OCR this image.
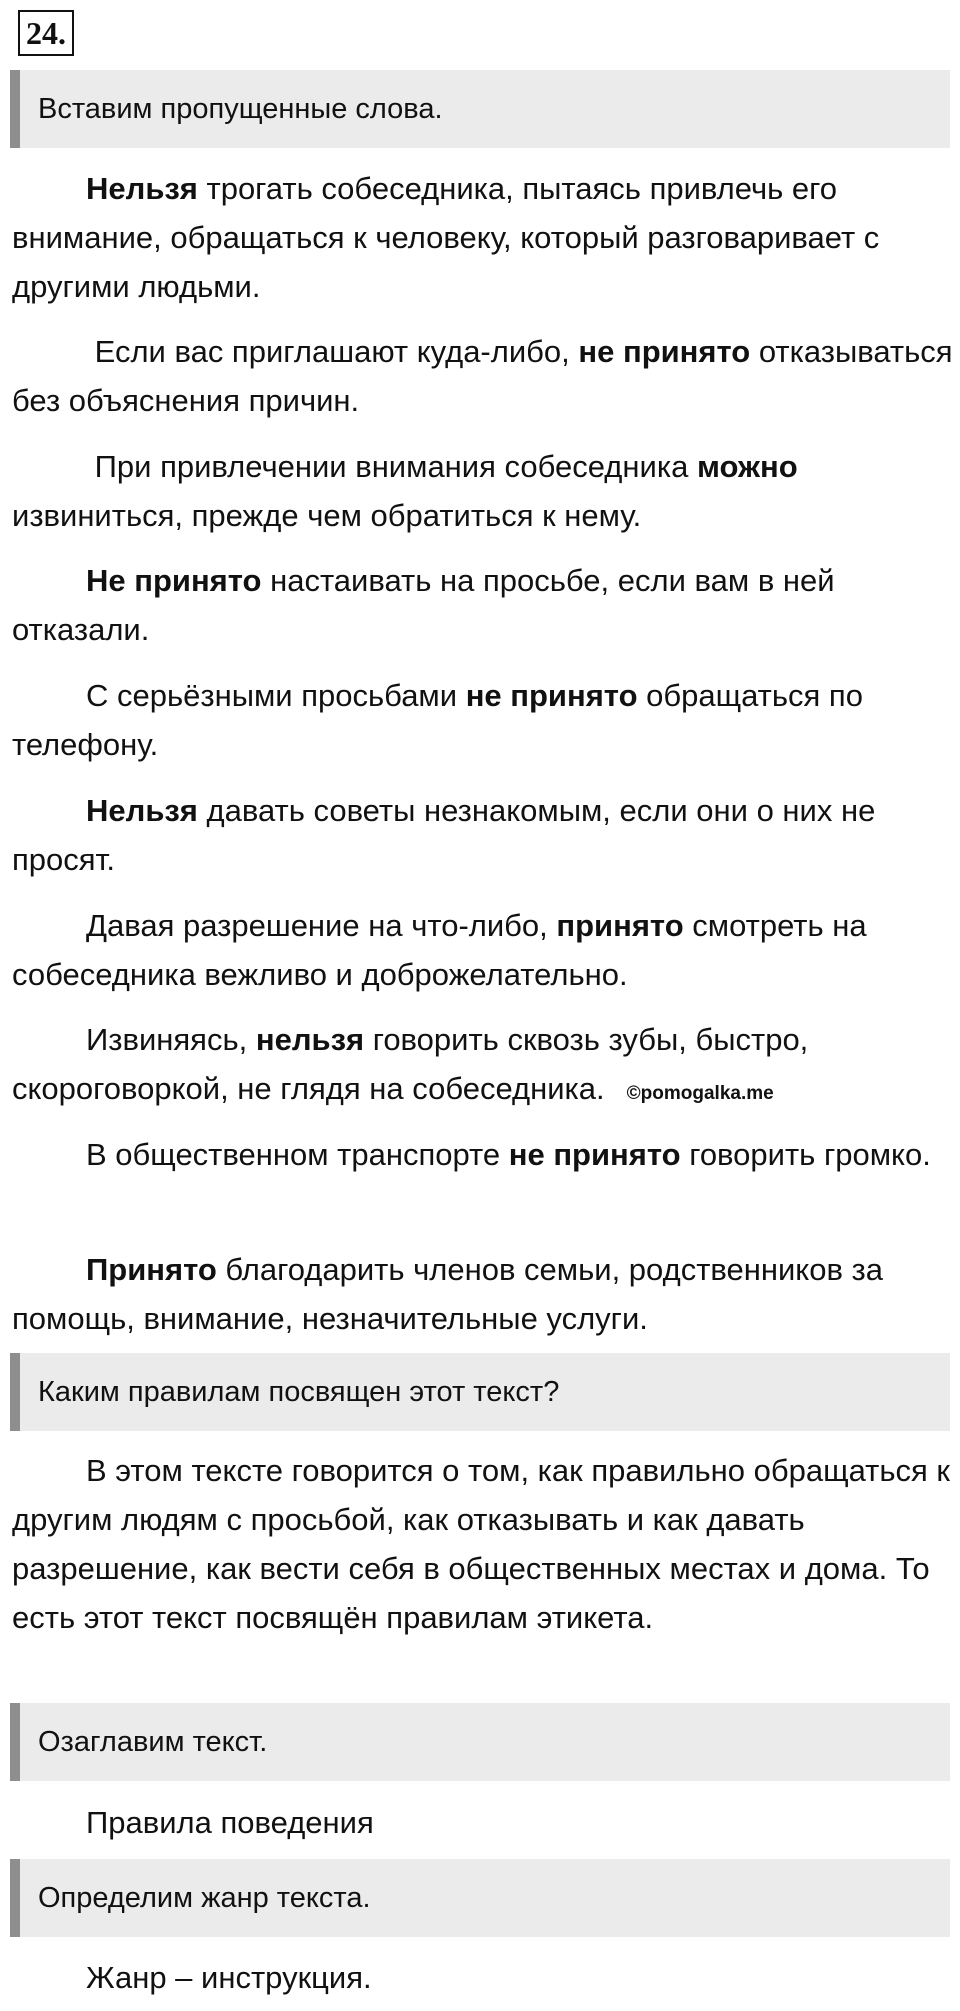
24.
Вставим пропущенные слова.

Нельзя трогать собеседника, пытаясь привлечь его внимание, обращаться к человеку, который разговаривает с другими людьми.

Если вас приглашают куда-либо, не принято отказываться без объяснения причин.

При привлечении внимания собеседника можно извиниться, прежде чем обратиться к нему.

Не принято настаивать на просьбе, если вам в ней отказали.

С серьёзными просьбами не принято обращаться по телефону.

Нельзя давать советы незнакомым, если они о них не просят.

Давая разрешение на что-либо, принято смотреть на собеседника вежливо и доброжелательно.

Извиняясь, нельзя говорить сквозь зубы, быстро, скороговоркой, не глядя на собеседника. ©pomogalka.me

В общественном транспорте не принято говорить громко.

Принято благодарить членов семьи, родственников за помощь, внимание, незначительные услуги.

Каким правилам посвящен этот текст?

В этом тексте говорится о том, как правильно обращаться к другим людям с просьбой, как отказывать и как давать разрешение, как вести себя в общественных местах и дома. То есть этот текст посвящён правилам этикета.

Озаглавим текст.

Правила поведения

Определим жанр текста.

Жанр – инструкция.
